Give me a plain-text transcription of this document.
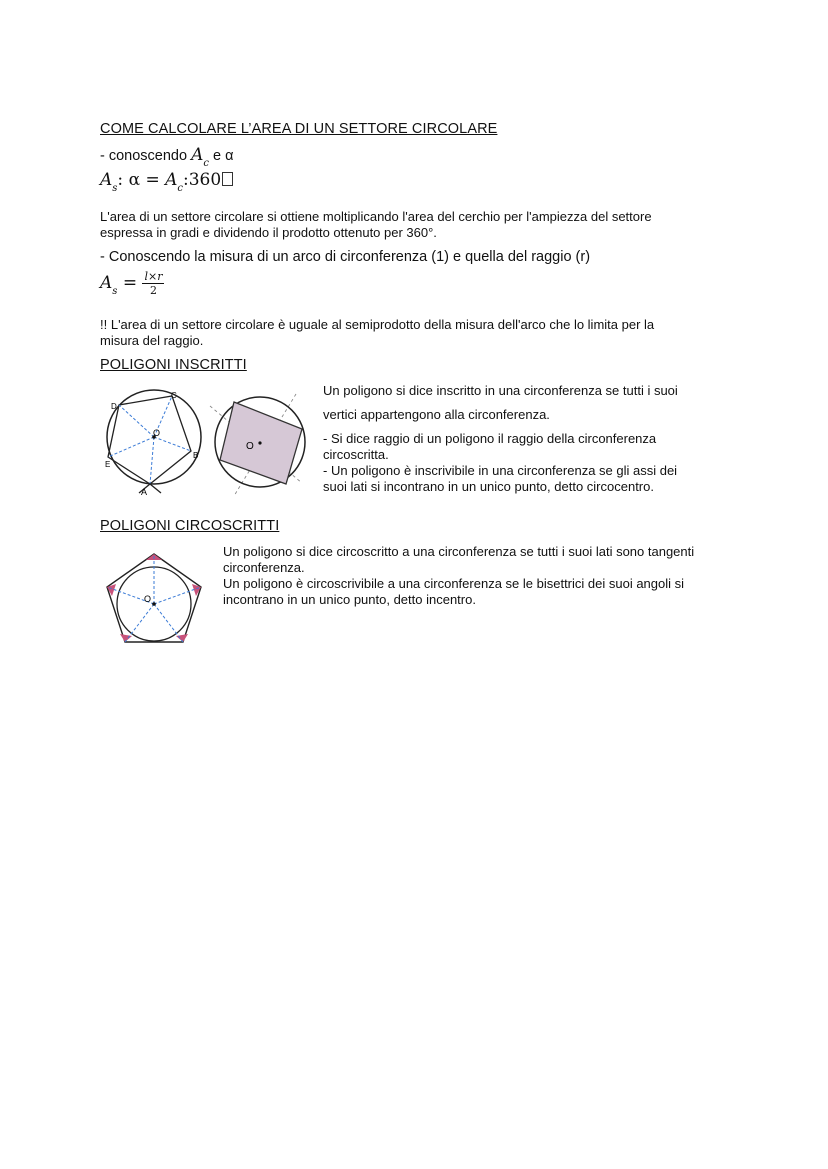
COME CALCOLARE L’AREA DI UN SETTORE CIRCOLARE
- conoscendo $A_c$ e α
$A_s$: $\alpha = A_c:360$
L'area di un settore circolare si ottiene moltiplicando l'area del cerchio per l'ampiezza del settore
espressa in gradi e dividendo il prodotto ottenuto per 360°.
- Conoscendo la misura di un arco di circonferenza (1) e quella del raggio (r)
$A_s = \frac{l\times r}{2}$
!! L'area di un settore circolare è uguale al semiprodotto della misura dell'arco che lo limita per la
misura del raggio.
POLIGONI INSCRITTI
A
B
C
D
E
O
O
Un poligono si dice inscritto in una circonferenza se tutti i suoi
vertici appartengono alla circonferenza.
- Si dice raggio di un poligono il raggio della circonferenza
circoscritta.
- Un poligono è inscrivibile in una circonferenza se gli assi dei
suoi lati si incontrano in un unico punto, detto circocentro.
POLIGONI CIRCOSCRITTI
O
Un poligono si dice circoscritto a una circonferenza se tutti i suoi lati sono tangenti
circonferenza.
Un poligono è circoscrivibile a una circonferenza se le bisettrici dei suoi angoli si
incontrano in un unico punto, detto incentro.
